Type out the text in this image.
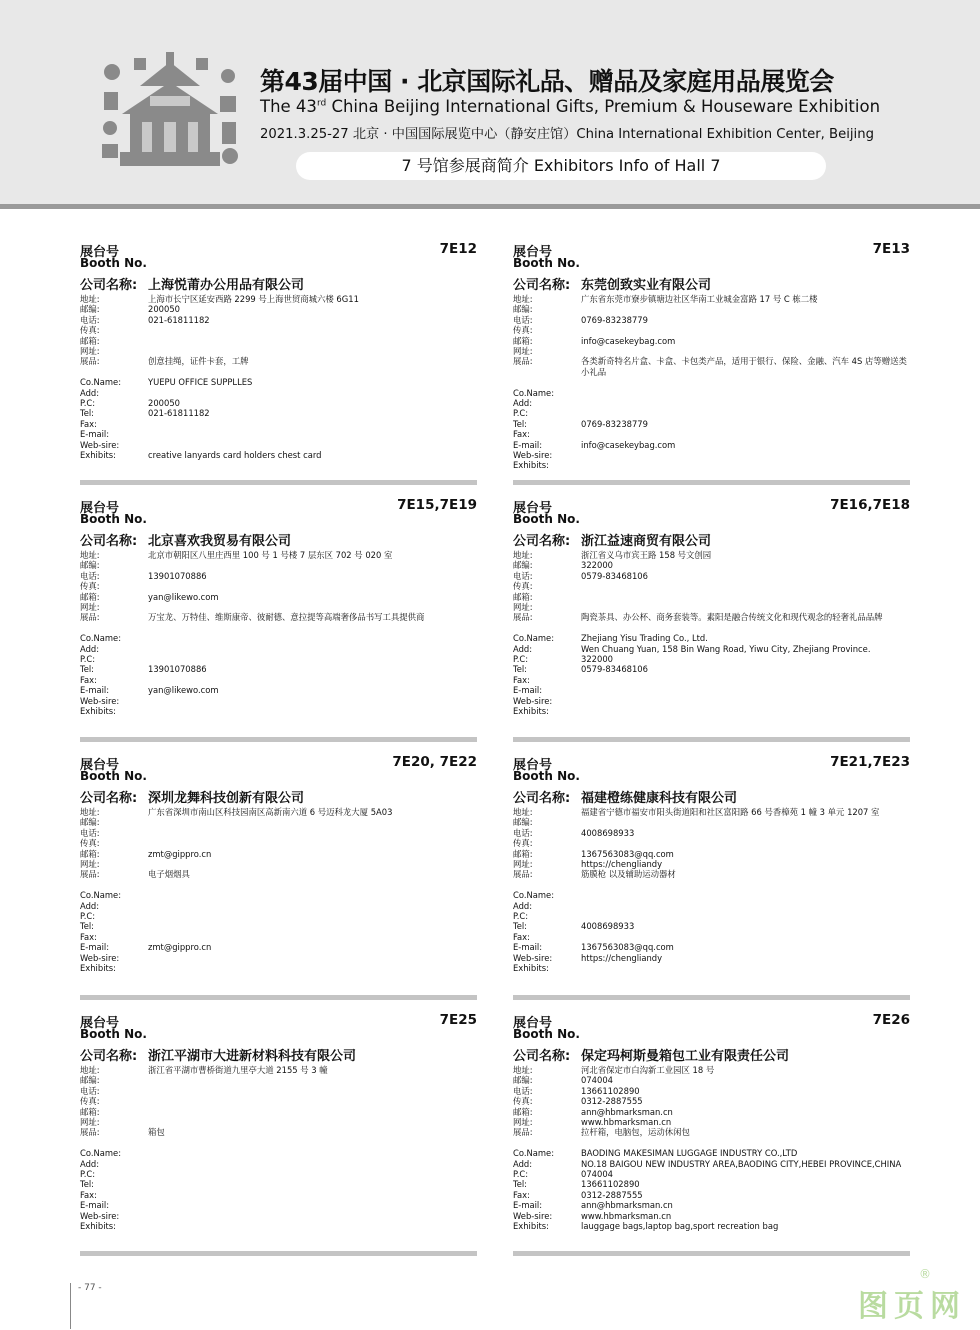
第43届中国 · 北京国际礼品、赠品及家庭用品展览会
The 43rd China Beijing International Gifts, Premium & Houseware Exhibition
2021.3.25-27 北京 · 中国国际展览中心（静安庄馆）China International Exhibition Center, Beijing
7 号馆参展商简介 Exhibitors Info of Hall 7
展台号
Booth No.
7E12
公司名称: 上海悦莆办公用品有限公司
地址:	上海市长宁区延安西路 2299 号上海世贸商城六楼 6G11
邮编:	200050
电话:	021-61811182
传真:
邮箱:
网址:
展品:	创意挂绳，证件卡套，工牌
Co.Name:	YUEPU OFFICE SUPPLLES
Add:
P.C:	200050
Tel:	021-61811182
Fax:
E-mail:
Web-sire:
Exhibits:	creative lanyards card holders chest card
展台号
Booth No.
7E13
公司名称: 东莞创致实业有限公司
地址:	广东省东莞市寮步镇塘边社区华南工业城金富路 17 号 C 栋二楼
邮编:
电话:	0769-83238779
传真:
邮箱:	info@casekeybag.com
网址:
展品:	各类新奇特名片盒、卡盒、卡包类产品，适用于银行、保险、金融、汽车 4S 店等赠送类小礼品
Co.Name:
Add:
P.C:
Tel:	0769-83238779
Fax:
E-mail:	info@casekeybag.com
Web-sire:
Exhibits:
展台号
Booth No.
7E15,7E19
公司名称: 北京喜欢我贸易有限公司
地址:	北京市朝阳区八里庄西里 100 号 1 号楼 7 层东区 702 号 020 室
邮编:
电话:	13901070886
传真:
邮箱:	yan@likewo.com
网址:
展品:	万宝龙、万特佳、维斯康帝、彼耐德、意拉提等高端奢侈品书写工具提供商
Co.Name:
Add:
P.C:
Tel:	13901070886
Fax:
E-mail:	yan@likewo.com
Web-sire:
Exhibits:
展台号
Booth No.
7E16,7E18
公司名称: 浙江益速商贸有限公司
地址:	浙江省义乌市宾王路 158 号文创园
邮编:	322000
电话:	0579-83468106
传真:
邮箱:
网址:
展品:	陶瓷茶具、办公杯、商务套装等。素阳是融合传统文化和现代观念的轻奢礼品品牌
Co.Name:	Zhejiang Yisu Trading Co., Ltd.
Add:	Wen Chuang Yuan, 158 Bin Wang Road, Yiwu City, Zhejiang Province.
P.C:	322000
Tel:	0579-83468106
Fax:
E-mail:
Web-sire:
Exhibits:
展台号
Booth No.
7E20, 7E22
公司名称: 深圳龙舞科技创新有限公司
地址:	广东省深圳市南山区科技园南区高新南六道 6 号迈科龙大厦 5A03
邮编:
电话:
传真:
邮箱:	zmt@gippro.cn
网址:
展品:	电子烟烟具
Co.Name:
Add:
P.C:
Tel:
Fax:
E-mail:	zmt@gippro.cn
Web-sire:
Exhibits:
展台号
Booth No.
7E21,7E23
公司名称: 福建橙练健康科技有限公司
地址:	福建省宁德市福安市阳头街道阳和社区富阳路 66 号香樟苑 1 幢 3 单元 1207 室
邮编:
电话:	4008698933
传真:
邮箱:	1367563083@qq.com
网址:	https://chengliandy
展品:	筋膜枪 以及辅助运动器材
Co.Name:
Add:
P.C:
Tel:	4008698933
Fax:
E-mail:	1367563083@qq.com
Web-sire:	https://chengliandy
Exhibits:
展台号
Booth No.
7E25
公司名称: 浙江平湖市大进新材料科技有限公司
地址:	浙江省平湖市曹桥街道九里亭大道 2155 号 3 幢
邮编:
电话:
传真:
邮箱:
网址:
展品:	箱包
Co.Name:
Add:
P.C:
Tel:
Fax:
E-mail:
Web-sire:
Exhibits:
展台号
Booth No.
7E26
公司名称: 保定玛柯斯曼箱包工业有限责任公司
地址:	河北省保定市白沟新工业园区 18 号
邮编:	074004
电话:	13661102890
传真:	0312-2887555
邮箱:	ann@hbmarksman.cn
网址:	www.hbmarksman.cn
展品:	拉杆箱，电脑包，运动休闲包
Co.Name:	BAODING MAKESIMAN LUGGAGE INDUSTRY CO.,LTD
Add:	NO.18 BAIGOU NEW INDUSTRY AREA,BAODING CITY,HEBEI PROVINCE,CHINA
P.C:	074004
Tel:	13661102890
Fax:	0312-2887555
E-mail:	ann@hbmarksman.cn
Web-sire:	www.hbmarksman.cn
Exhibits:	lauggage bags,laptop bag,sport recreation bag
- 77 -
图页网
®
